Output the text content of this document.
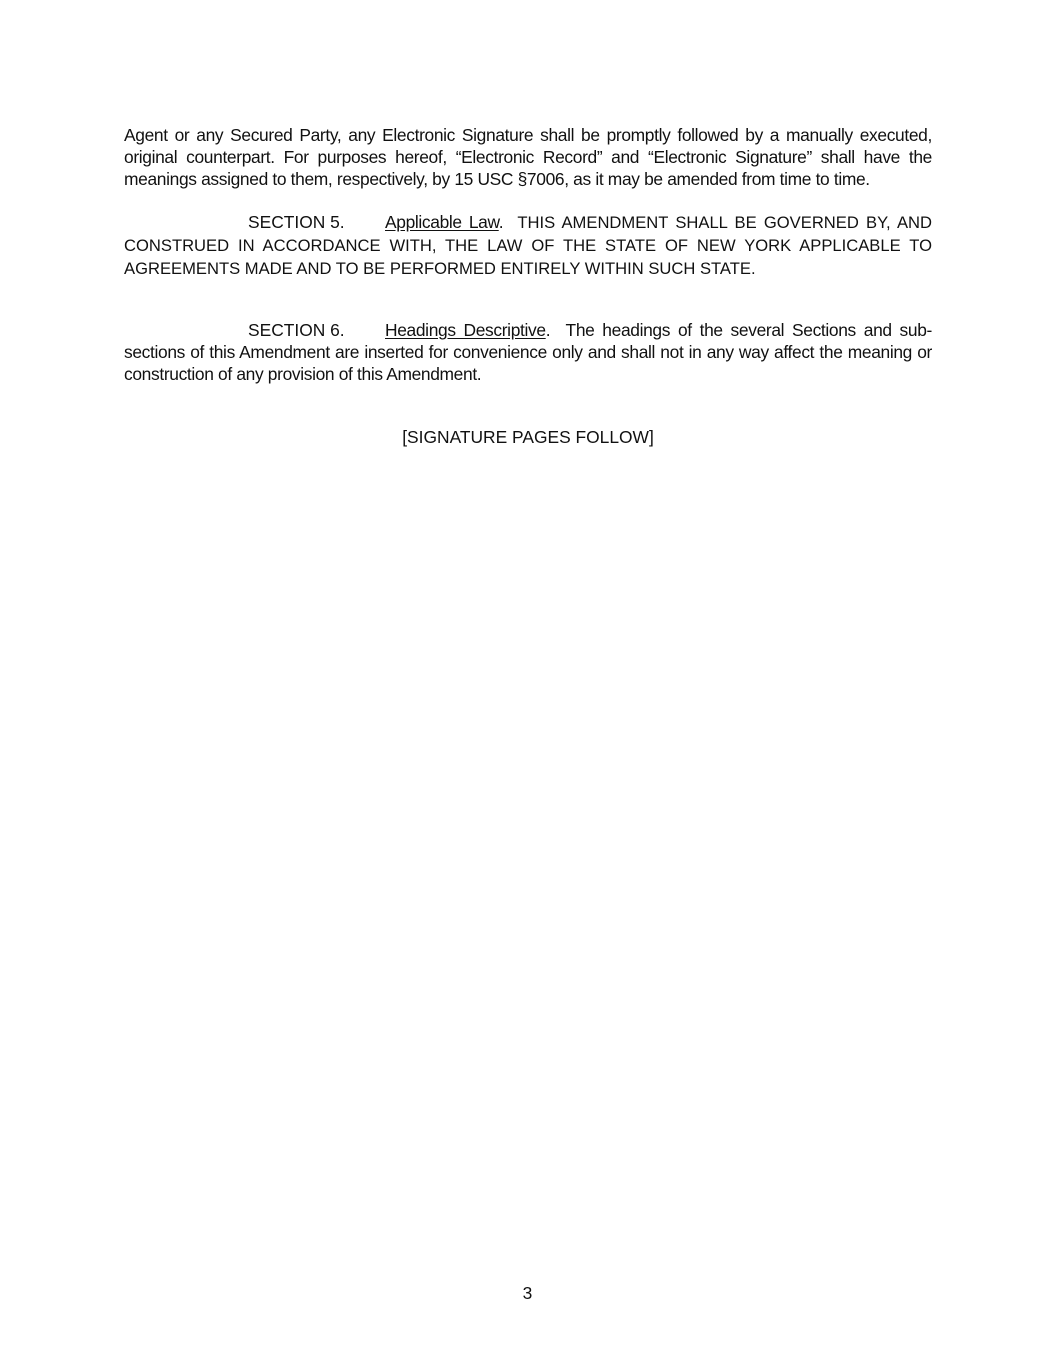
Agent or any Secured Party, any Electronic Signature shall be promptly followed by a manually executed, original counterpart. For purposes hereof, “Electronic Record” and “Electronic Signature” shall have the meanings assigned to them, respectively, by 15 USC §7006, as it may be amended from time to time.

SECTION 5. Applicable Law. THIS AMENDMENT SHALL BE GOVERNED BY, AND CONSTRUED IN ACCORDANCE WITH, THE LAW OF THE STATE OF NEW YORK APPLICABLE TO AGREEMENTS MADE AND TO BE PERFORMED ENTIRELY WITHIN SUCH STATE.

SECTION 6. Headings Descriptive. The headings of the several Sections and sub-sections of this Amendment are inserted for convenience only and shall not in any way affect the meaning or construction of any provision of this Amendment.

[SIGNATURE PAGES FOLLOW]
3
